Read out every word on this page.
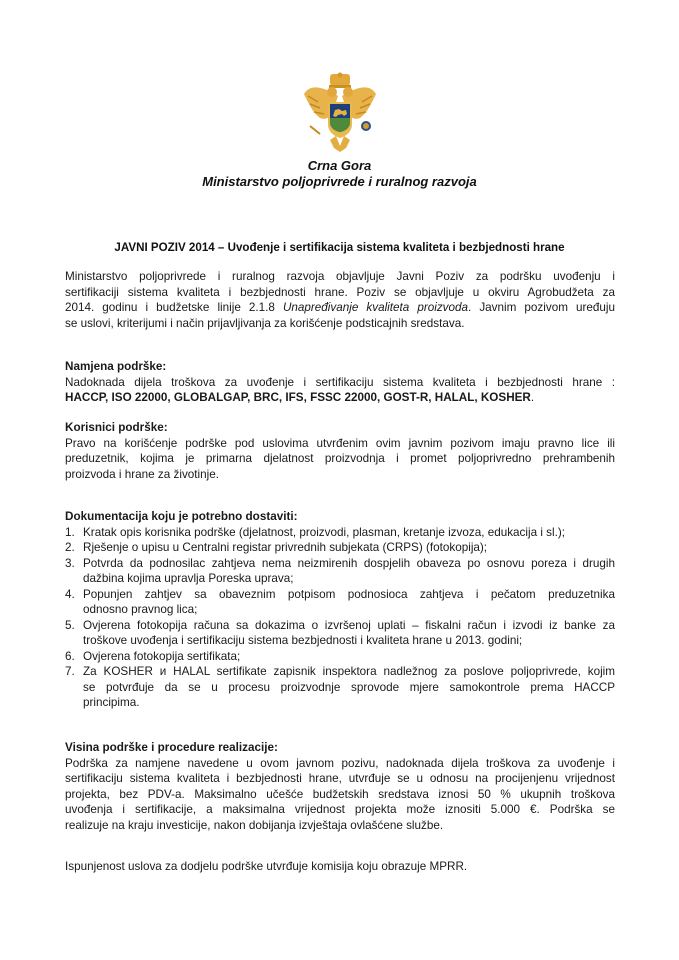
Crna Gora
Ministarstvo poljoprivrede i ruralnog razvoja
JAVNI POZIV 2014 – Uvođenje i sertifikacija sistema kvaliteta i bezbjednosti hrane
Ministarstvo poljoprivrede i ruralnog razvoja objavljuje Javni Poziv za podršku uvođenju i
sertifikaciji sistema kvaliteta i bezbjednosti hrane. Poziv se objavljuje u okviru Agrobudžeta za
2014. godinu i budžetske linije 2.1.8 Unapređivanje kvaliteta proizvoda. Javnim pozivom uređuju
se uslovi, kriterijumi i način prijavljivanja za korišćenje podsticajnih sredstava.
Namjena podrške:
Nadoknada dijela troškova za uvođenje i sertifikaciju sistema kvaliteta i bezbjednosti hrane :
HACCP, ISO 22000, GLOBALGAP, BRC, IFS, FSSC 22000, GOST-R, HALAL, KOSHER.
Korisnici podrške:
Pravo na korišćenje podrške pod uslovima utvrđenim ovim javnim pozivom imaju pravno lice ili
preduzetnik, kojima je primarna djelatnost proizvodnja i promet poljoprivredno prehrambenih
proizvoda i hrane za životinje.
Dokumentacija koju je potrebno dostaviti:
1. Kratak opis korisnika podrške (djelatnost, proizvodi, plasman, kretanje izvoza, edukacija i sl.);
2. Rješenje o upisu u Centralni registar privrednih subjekata (CRPS) (fotokopija);
3. Potvrda da podnosilac zahtjeva nema neizmirenih dospjelih obaveza po osnovu poreza i drugih
dažbina kojima upravlja Poreska uprava;
4. Popunjen zahtjev sa obaveznim potpisom podnosioca zahtjeva i pečatom preduzetnika
odnosno pravnog lica;
5. Ovjerena fotokopija računa sa dokazima o izvršenoj uplati – fiskalni račun i izvodi iz banke za
troškove uvođenja i sertifikaciju sistema bezbjednosti i kvaliteta hrane u 2013. godini;
6. Ovjerena fotokopija sertifikata;
7. Za KOSHER и HALAL sertifikate zapisnik inspektora nadležnog za poslove poljoprivrede, kojim
se potvrđuje da se u procesu proizvodnje sprovode mjere samokontrole prema HACCP
principima.
Visina podrške i procedure realizacije:
Podrška za namjene navedene u ovom javnom pozivu, nadoknada dijela troškova za uvođenje i
sertifikaciju sistema kvaliteta i bezbjednosti hrane, utvrđuje se u odnosu na procijenjenu vrijednost
projekta, bez PDV-a. Maksimalno učešće budžetskih sredstava iznosi 50 % ukupnih troškova
uvođenja i sertifikacije, a maksimalna vrijednost projekta može iznositi 5.000 €. Podrška se
realizuje na kraju investicije, nakon dobijanja izvještaja ovlašćene službe.
Ispunjenost uslova za dodjelu podrške utvrđuje komisija koju obrazuje MPRR.
